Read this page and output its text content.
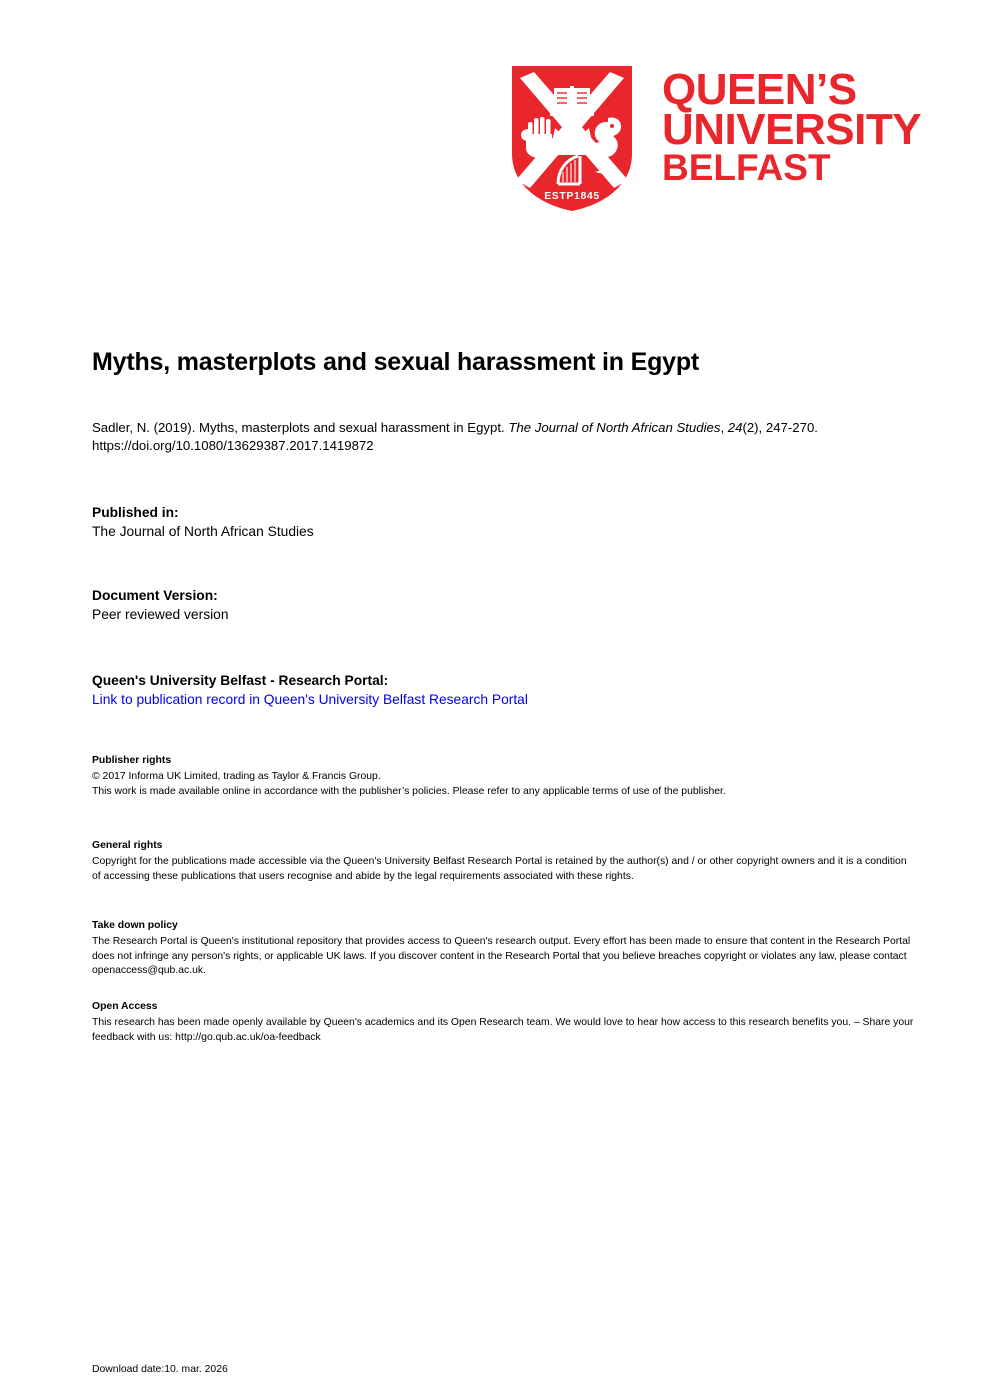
ESTP1845
QUEEN’S
UNIVERSITY
BELFAST
Myths, masterplots and sexual harassment in Egypt
Sadler, N. (2019). Myths, masterplots and sexual harassment in Egypt. The Journal of North African Studies, 24(2), 247-270. https://doi.org/10.1080/13629387.2017.1419872
Published in:
The Journal of North African Studies
Document Version:
Peer reviewed version
Queen's University Belfast - Research Portal:
Link to publication record in Queen's University Belfast Research Portal
Publisher rights

© 2017 Informa UK Limited, trading as Taylor & Francis Group.

This work is made available online in accordance with the publisher’s policies. Please refer to any applicable terms of use of the publisher.

General rights

Copyright for the publications made accessible via the Queen's University Belfast Research Portal is retained by the author(s) and / or other copyright owners and it is a condition of accessing these publications that users recognise and abide by the legal requirements associated with these rights.

Take down policy

The Research Portal is Queen's institutional repository that provides access to Queen's research output. Every effort has been made to ensure that content in the Research Portal does not infringe any person's rights, or applicable UK laws. If you discover content in the Research Portal that you believe breaches copyright or violates any law, please contact openaccess@qub.ac.uk.

Open Access

This research has been made openly available by Queen's academics and its Open Research team. We would love to hear how access to this research benefits you. – Share your feedback with us: http://go.qub.ac.uk/oa-feedback

Download date:10. mar. 2026
